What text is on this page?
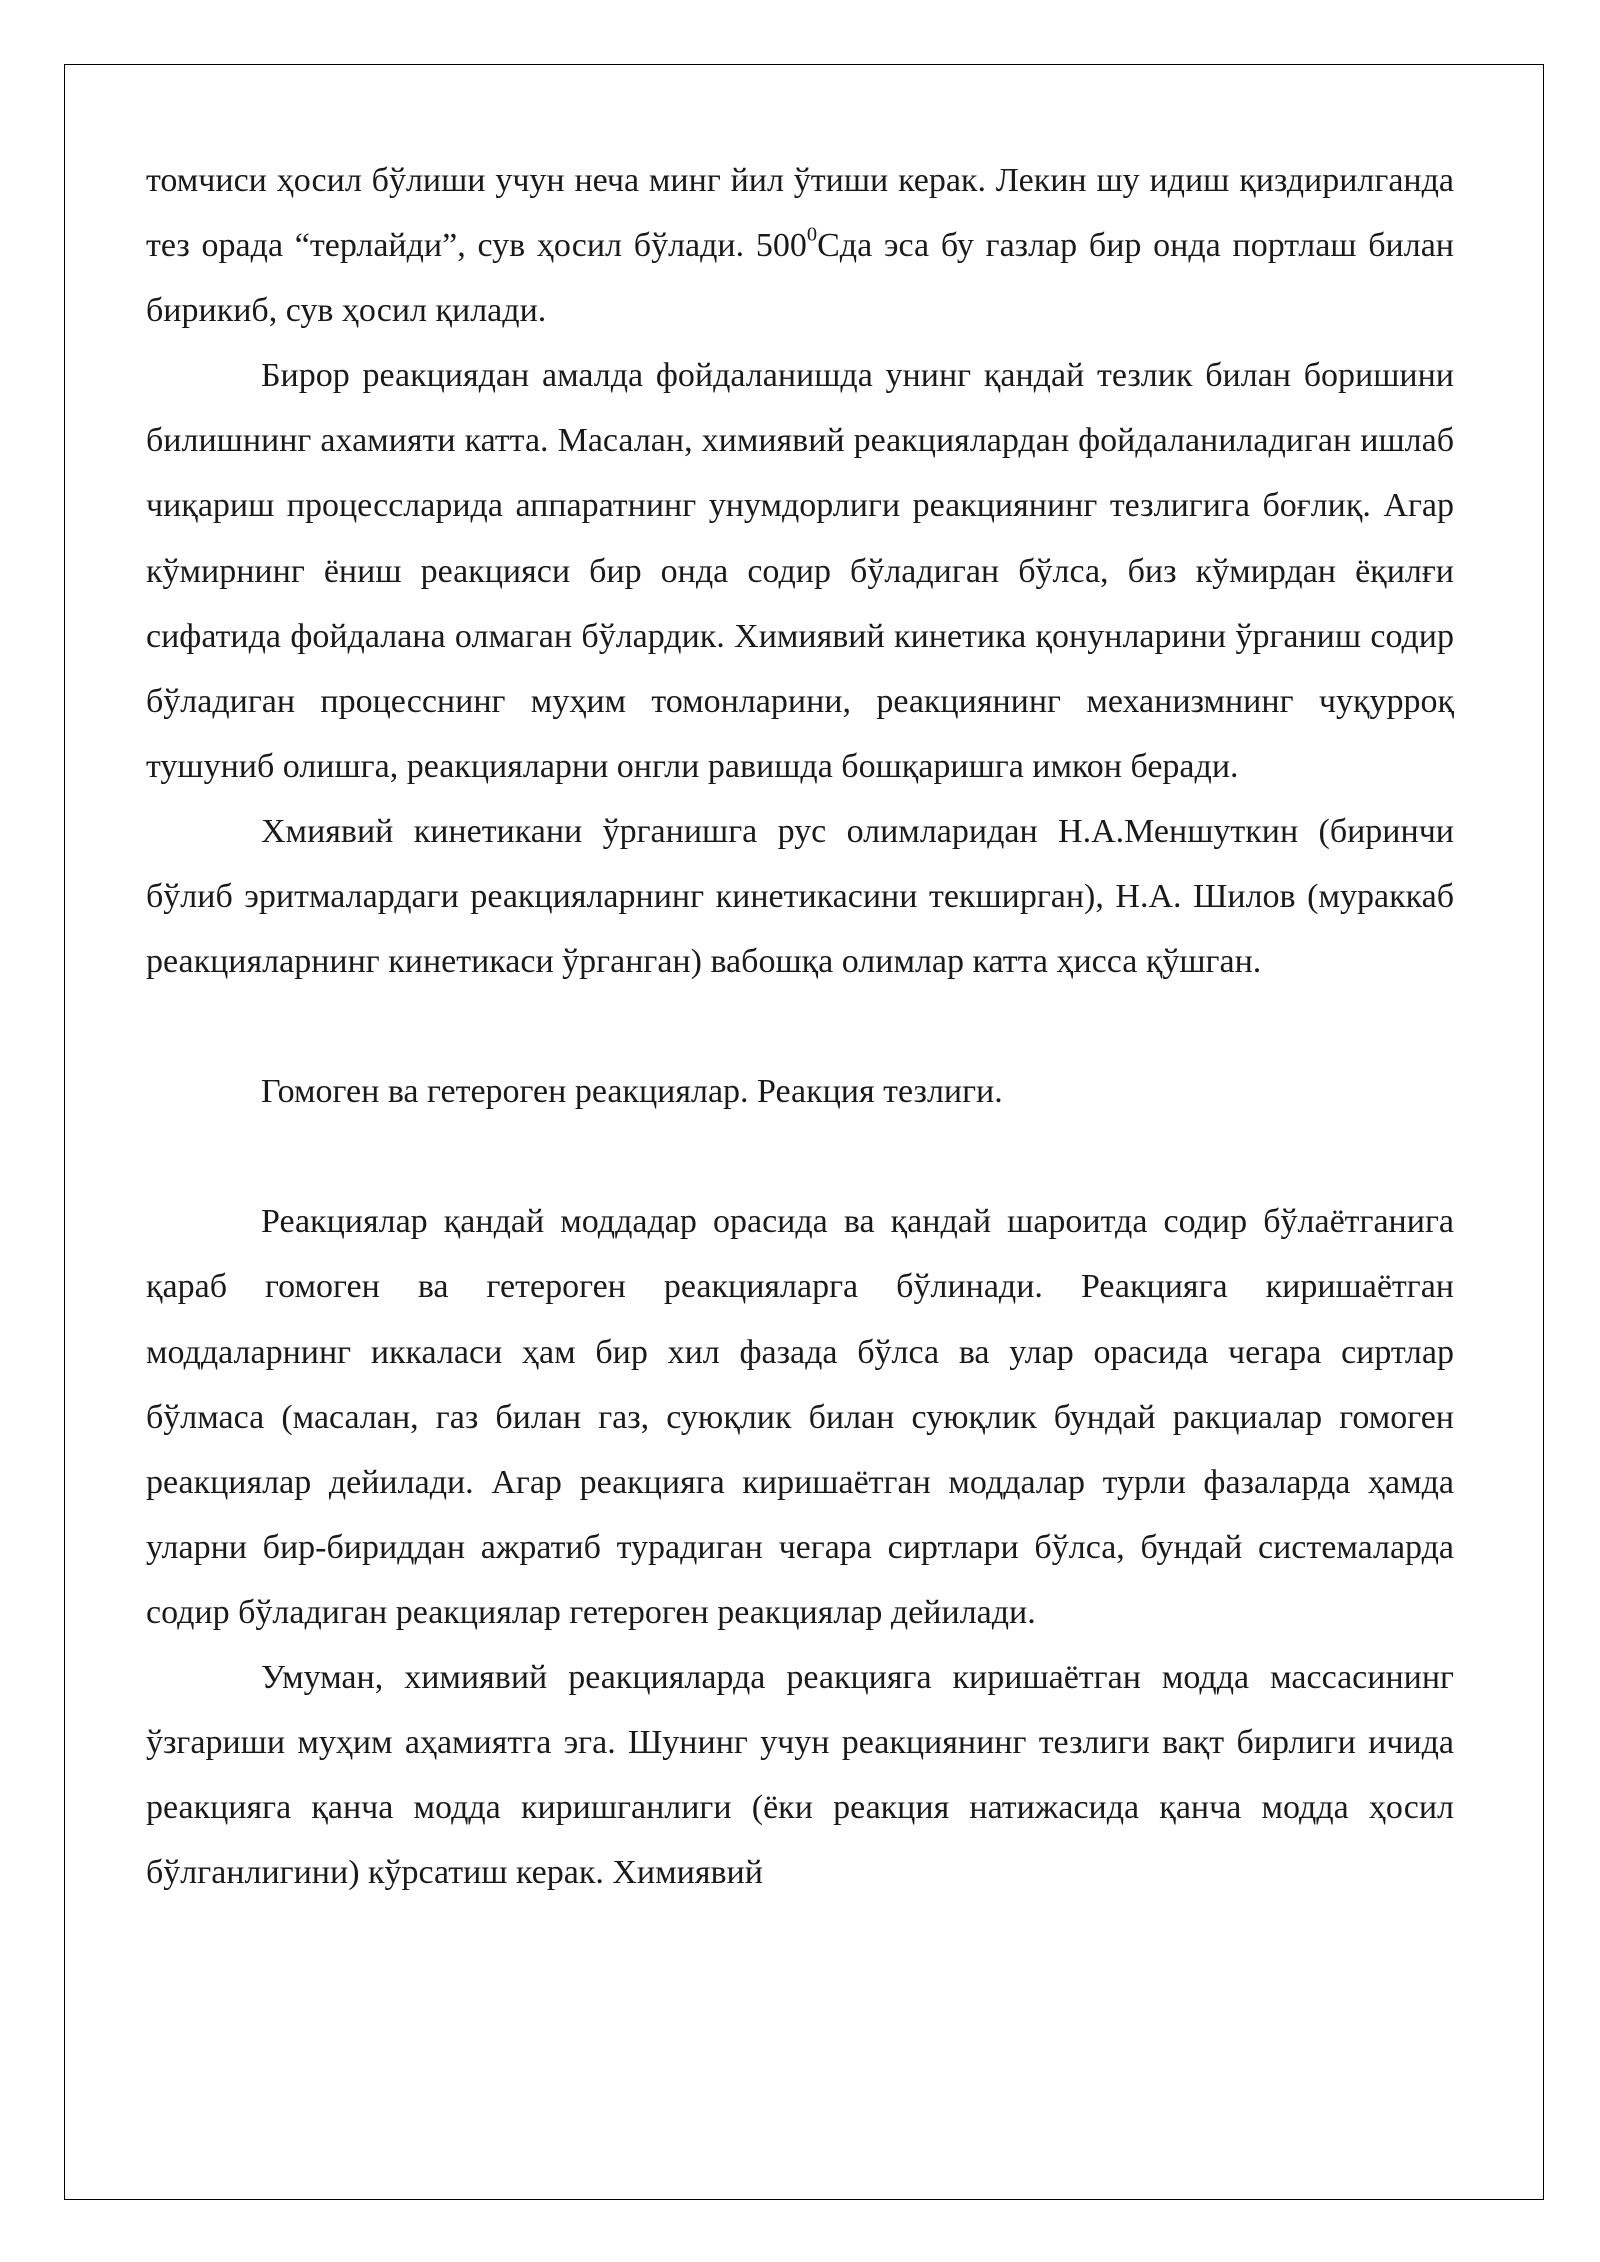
томчиси ҳосил бўлиши учун неча минг йил ўтиши керак. Лекин шу идиш қиздирилганда тез орада “терлайди”, сув ҳосил бўлади. $500^0Сда$ эса бу газлар бир онда портлаш билан бирикиб, сув ҳосил қилади.

Бирор реакциядан амалда фойдаланишда унинг қандай тезлик билан боришини билишнинг ахамияти катта. Масалан, химиявий реакциялардан фойдаланиладиган ишлаб чиқариш процессларида аппаратнинг унумдорлиги реакциянинг тезлигига боғлиқ. Агар кўмирнинг ёниш реакцияси бир онда содир бўладиган бўлса, биз кўмирдан ёқилғи сифатида фойдалана олмаган бўлардик. Химиявий кинетика қонунларини ўрганиш содир бўладиган процесснинг муҳим томонларини, реакциянинг механизмнинг чуқурроқ тушуниб олишга, реакцияларни онгли равишда бошқаришга имкон беради.

Хмиявий кинетикани ўрганишга рус олимларидан Н.А.Меншуткин (биринчи бўлиб эритмалардаги реакцияларнинг кинетикасини текширган), Н.А. Шилов (мураккаб реакцияларнинг кинетикаси ўрганган) вабошқа олимлар катта ҳисса қўшган.

Гомоген ва гетероген реакциялар. Реакция тезлиги.

Реакциялар қандай моддадар орасида ва қандай шароитда содир бўлаётганига қараб гомоген ва гетероген реакцияларга бўлинади. Реакцияга киришаётган моддаларнинг иккаласи ҳам бир хил фазада бўлса ва улар орасида чегара сиртлар бўлмаса (масалан, газ билан газ, суюқлик билан суюқлик бундай ракциалар гомоген реакциялар дейилади. Агар реакцияга киришаётган моддалар турли фазаларда ҳамда уларни бир-бириддан ажратиб турадиган чегара сиртлари бўлса, бундай системаларда содир бўладиган реакциялар гетероген реакциялар дейилади.

Умуман, химиявий реакцияларда реакцияга киришаётган модда массасининг ўзгариши муҳим аҳамиятга эга. Шунинг учун реакциянинг тезлиги вақт бирлиги ичида реакцияга қанча модда киришганлиги (ёки реакция натижасида қанча модда ҳосил бўлганлигини) кўрсатиш керак. Химиявий
